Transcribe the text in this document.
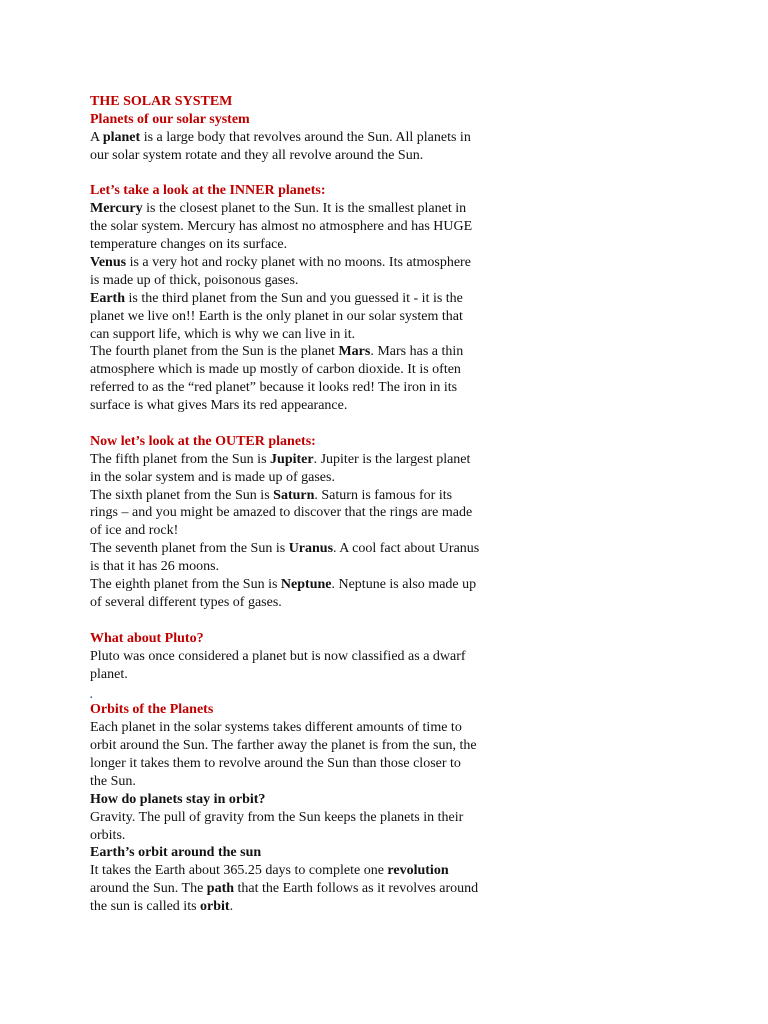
THE SOLAR SYSTEM
Planets of our solar system
A planet is a large body that revolves around the Sun. All planets in
our solar system rotate and they all revolve around the Sun.
Let’s take a look at the INNER planets:
Mercury is the closest planet to the Sun. It is the smallest planet in
the solar system. Mercury has almost no atmosphere and has HUGE
temperature changes on its surface.
Venus is a very hot and rocky planet with no moons. Its atmosphere
is made up of thick, poisonous gases.
Earth is the third planet from the Sun and you guessed it - it is the
planet we live on!! Earth is the only planet in our solar system that
can support life, which is why we can live in it.
The fourth planet from the Sun is the planet Mars. Mars has a thin
atmosphere which is made up mostly of carbon dioxide. It is often
referred to as the “red planet” because it looks red! The iron in its
surface is what gives Mars its red appearance.
Now let’s look at the OUTER planets:
The fifth planet from the Sun is Jupiter. Jupiter is the largest planet
in the solar system and is made up of gases.
The sixth planet from the Sun is Saturn. Saturn is famous for its
rings – and you might be amazed to discover that the rings are made
of ice and rock!
The seventh planet from the Sun is Uranus. A cool fact about Uranus
is that it has 26 moons.
The eighth planet from the Sun is Neptune. Neptune is also made up
of several different types of gases.
What about Pluto?
Pluto was once considered a planet but is now classified as a dwarf
planet.
.
Orbits of the Planets
Each planet in the solar systems takes different amounts of time to
orbit around the Sun. The farther away the planet is from the sun, the
longer it takes them to revolve around the Sun than those closer to
the Sun.
How do planets stay in orbit?
Gravity. The pull of gravity from the Sun keeps the planets in their
orbits.
Earth’s orbit around the sun
It takes the Earth about 365.25 days to complete one revolution
around the Sun. The path that the Earth follows as it revolves around
the sun is called its orbit.
